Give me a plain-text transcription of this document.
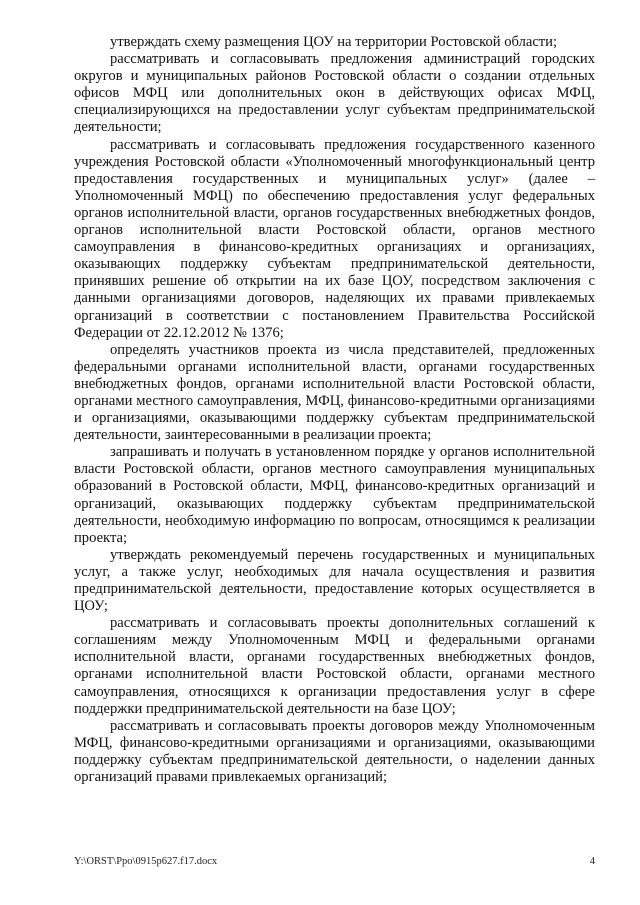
утверждать схему размещения ЦОУ на территории Ростовской области;

рассматривать и согласовывать предложения администраций городских округов и муниципальных районов Ростовской области о создании отдельных офисов МФЦ или дополнительных окон в действующих офисах МФЦ, специализирующихся на предоставлении услуг субъектам предпринимательской деятельности;

рассматривать и согласовывать предложения государственного казенного учреждения Ростовской области «Уполномоченный многофункциональный центр предоставления государственных и муниципальных услуг» (далее – Уполномоченный МФЦ) по обеспечению предоставления услуг федеральных органов исполнительной власти, органов государственных внебюджетных фондов, органов исполнительной власти Ростовской области, органов местного самоуправления в финансово-кредитных организациях и организациях, оказывающих поддержку субъектам предпринимательской деятельности, принявших решение об открытии на их базе ЦОУ, посредством заключения с данными организациями договоров, наделяющих их правами привлекаемых организаций в соответствии с постановлением Правительства Российской Федерации от 22.12.2012 № 1376;

определять участников проекта из числа представителей, предложенных федеральными органами исполнительной власти, органами государственных внебюджетных фондов, органами исполнительной власти Ростовской области, органами местного самоуправления, МФЦ, финансово-кредитными организациями и организациями, оказывающими поддержку субъектам предпринимательской деятельности, заинтересованными в реализации проекта;

запрашивать и получать в установленном порядке у органов исполнительной власти Ростовской области, органов местного самоуправления муниципальных образований в Ростовской области, МФЦ, финансово-кредитных организаций и организаций, оказывающих поддержку субъектам предпринимательской деятельности, необходимую информацию по вопросам, относящимся к реализации проекта;

утверждать рекомендуемый перечень государственных и муниципальных услуг, а также услуг, необходимых для начала осуществления и развития предпринимательской деятельности, предоставление которых осуществляется в ЦОУ;

рассматривать и согласовывать проекты дополнительных соглашений к соглашениям между Уполномоченным МФЦ и федеральными органами исполнительной власти, органами государственных внебюджетных фондов, органами исполнительной власти Ростовской области, органами местного самоуправления, относящихся к организации предоставления услуг в сфере поддержки предпринимательской деятельности на базе ЦОУ;

рассматривать и согласовывать проекты договоров между Уполномоченным МФЦ, финансово-кредитными организациями и организациями, оказывающими поддержку субъектам предпринимательской деятельности, о наделении данных организаций правами привлекаемых организаций;

Y:\ORST\Ppo\0915p627.f17.docx	4
